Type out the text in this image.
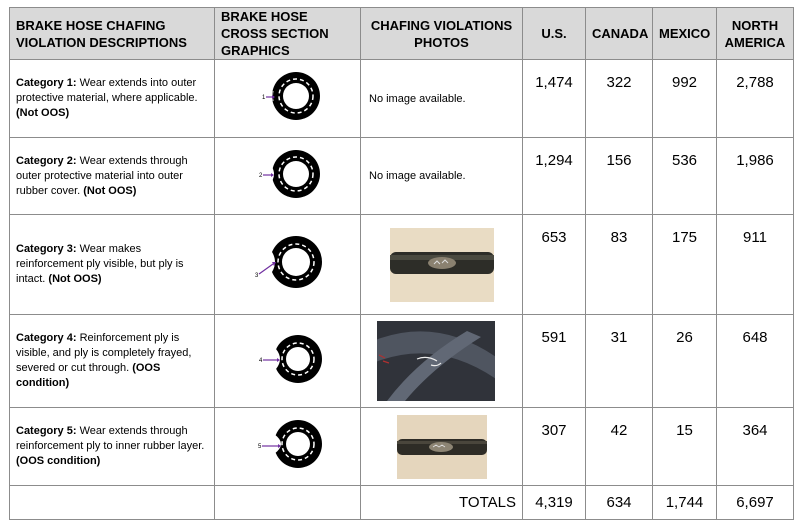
BRAKE HOSE CHAFING VIOLATION DESCRIPTIONS	BRAKE HOSE CROSS SECTION GRAPHICS	CHAFING VIOLATIONS PHOTOS	U.S.	CANADA	MEXICO	NORTH AMERICA
Category 1: Wear extends into outer protective material, where applicable. (Not OOS)	1	No image available.	1,474	322	992	2,788
Category 2: Wear extends through outer protective material into outer rubber cover. (Not OOS)	2	No image available.	1,294	156	536	1,986
Category 3: Wear makes reinforcement ply visible, but ply is intact. (Not OOS)	3		653	83	175	911
Category 4: Reinforcement ply is visible, and ply is completely frayed, severed or cut through. (OOS condition)	4		591	31	26	648
Category 5: Wear extends through reinforcement ply to inner rubber layer. (OOS condition)	5		307	42	15	364
		TOTALS	4,319	634	1,744	6,697
